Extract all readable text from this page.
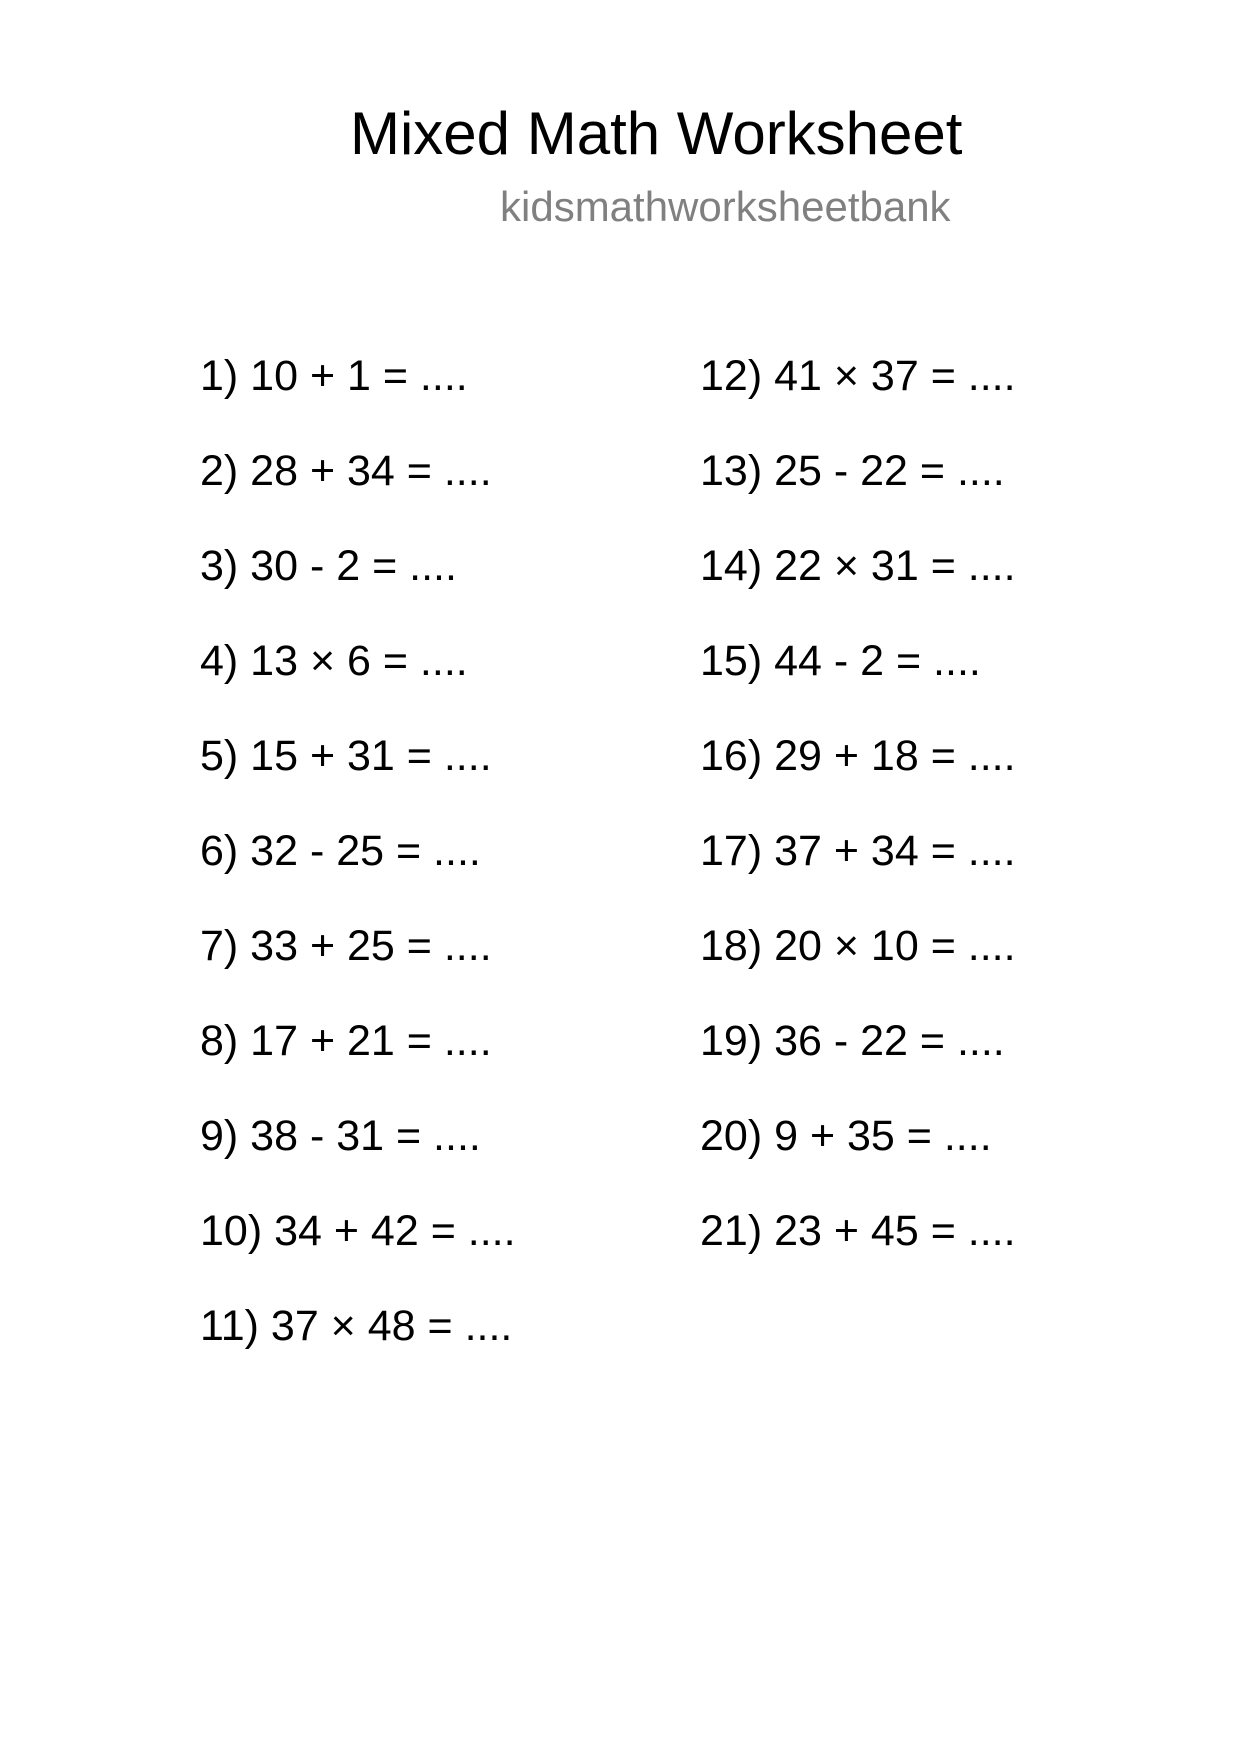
Mixed Math Worksheet
kidsmathworksheetbank
1) 10 + 1 = ....
2) 28 + 34 = ....
3) 30 - 2 = ....
4) 13 × 6 = ....
5) 15 + 31 = ....
6) 32 - 25 = ....
7) 33 + 25 = ....
8) 17 + 21 = ....
9) 38 - 31 = ....
10) 34 + 42 = ....
11) 37 × 48 = ....
12) 41 × 37 = ....
13) 25 - 22 = ....
14) 22 × 31 = ....
15) 44 - 2 = ....
16) 29 + 18 = ....
17) 37 + 34 = ....
18) 20 × 10 = ....
19) 36 - 22 = ....
20) 9 + 35 = ....
21) 23 + 45 = ....
